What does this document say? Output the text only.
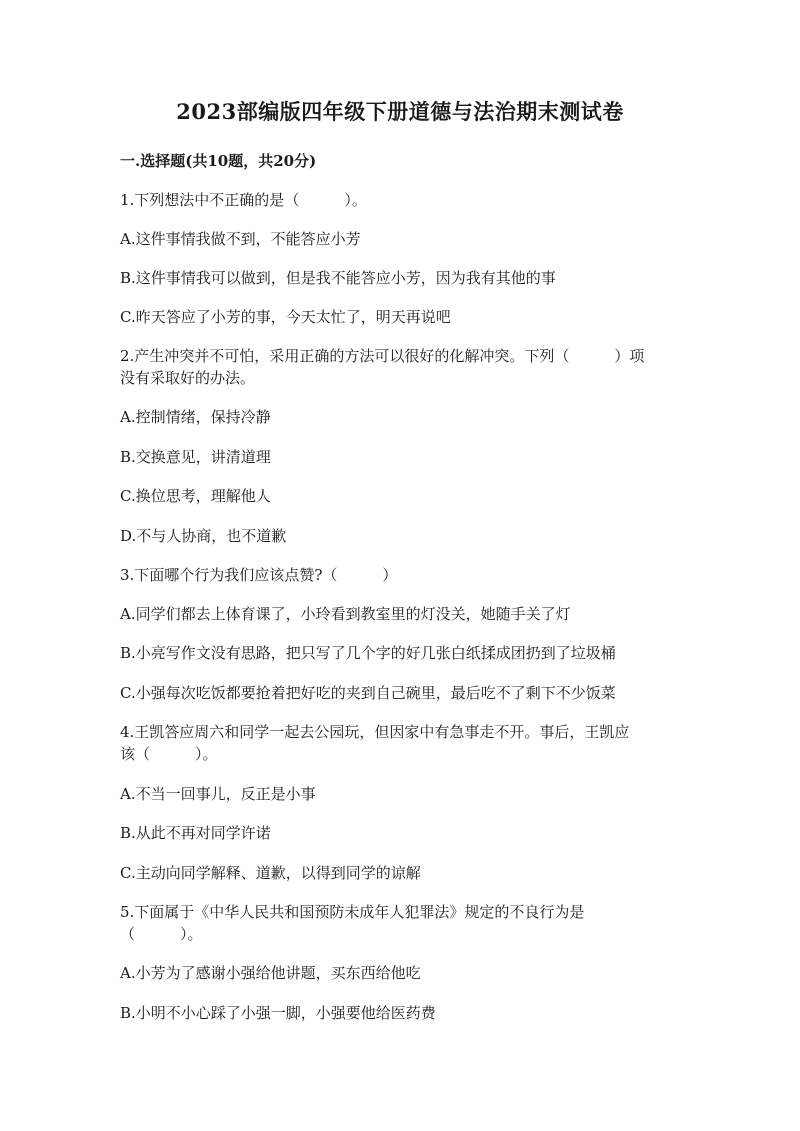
2023部编版四年级下册道德与法治期末测试卷
一.选择题(共10题，共20分)
1.下列想法中不正确的是（　　　）。
A.这件事情我做不到，不能答应小芳
B.这件事情我可以做到，但是我不能答应小芳，因为我有其他的事
C.昨天答应了小芳的事，今天太忙了，明天再说吧
2.产生冲突并不可怕，采用正确的方法可以很好的化解冲突。下列（　　　）项
没有采取好的办法。
A.控制情绪，保持冷静
B.交换意见，讲清道理
C.换位思考，理解他人
D.不与人协商，也不道歉
3.下面哪个行为我们应该点赞?（　　　）
A.同学们都去上体育课了，小玲看到教室里的灯没关，她随手关了灯
B.小亮写作文没有思路，把只写了几个字的好几张白纸揉成团扔到了垃圾桶
C.小强每次吃饭都要抢着把好吃的夹到自己碗里，最后吃不了剩下不少饭菜
4.王凯答应周六和同学一起去公园玩，但因家中有急事走不开。事后，王凯应
该（　　　）。
A.不当一回事儿，反正是小事
B.从此不再对同学许诺
C.主动向同学解释、道歉，以得到同学的谅解
5.下面属于《中华人民共和国预防未成年人犯罪法》规定的不良行为是
（　　　）。
A.小芳为了感谢小强给他讲题，买东西给他吃
B.小明不小心踩了小强一脚，小强要他给医药费
